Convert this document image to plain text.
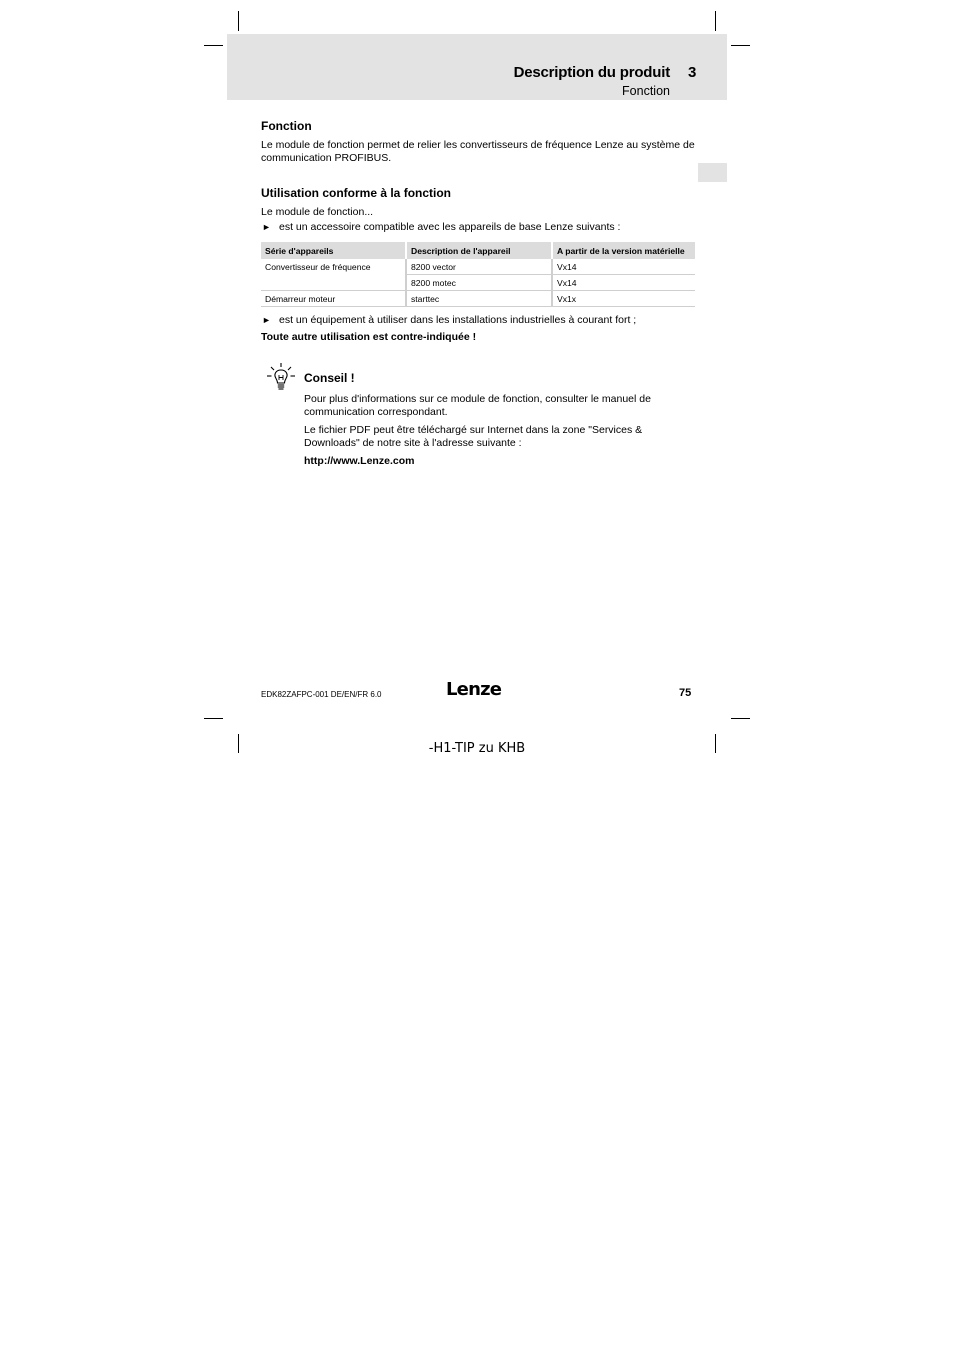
Description du produit 3
Fonction
Fonction
Le module de fonction permet de relier les convertisseurs de fréquence Lenze au système de
communication PROFIBUS.
Utilisation conforme à la fonction
Le module de fonction...
► est un accessoire compatible avec les appareils de base Lenze suivants :
Série d'appareils	Description de l'appareil	A partir de la version matérielle
Convertisseur de fréquence	8200 vector	Vx14
	8200 motec	Vx14
Démarreur moteur	starttec	Vx1x
► est un équipement à utiliser dans les installations industrielles à courant fort ;
Toute autre utilisation est contre-indiquée !
Conseil !
Pour plus d'informations sur ce module de fonction, consulter le manuel de
communication correspondant.
Le fichier PDF peut être téléchargé sur Internet dans la zone "Services &
Downloads" de notre site à l'adresse suivante :
http://www.Lenze.com
EDK82ZAFPC-001 DE/EN/FR 6.0	Lenze	75
-H1-TIP zu KHB
